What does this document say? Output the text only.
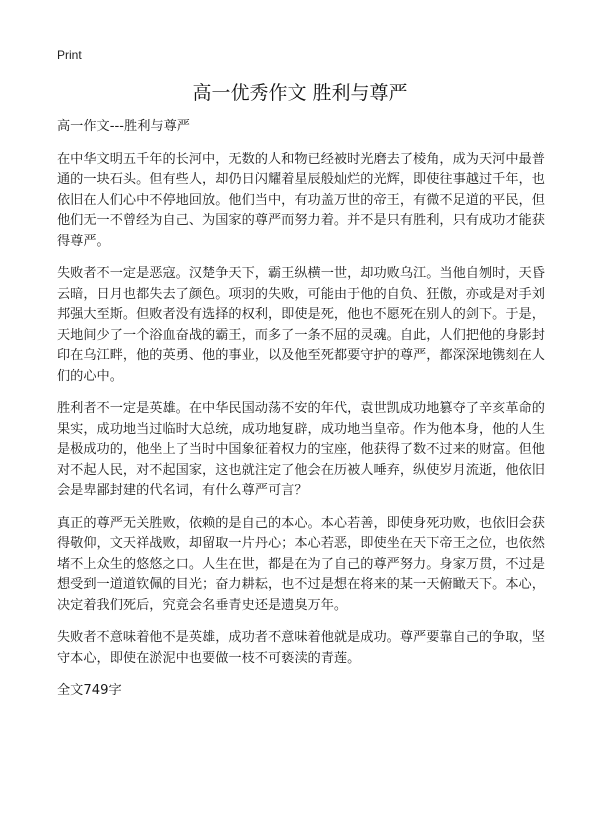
Print
高一优秀作文 胜利与尊严

高一作文---胜利与尊严

在中华文明五千年的长河中，无数的人和物已经被时光磨去了棱角，成为天河中最普通的一块石头。但有些人，却仍日闪耀着星辰般灿烂的光辉，即使往事越过千年，也依旧在人们心中不停地回放。他们当中，有功盖万世的帝王，有微不足道的平民，但他们无一不曾经为自己、为国家的尊严而努力着。并不是只有胜利，只有成功才能获得尊严。

失败者不一定是恶寇。汉楚争天下，霸王纵横一世，却功败乌江。当他自刎时，天昏云暗，日月也都失去了颜色。项羽的失败，可能由于他的自负、狂傲，亦或是对手刘邦强大至斯。但败者没有选择的权利，即使是死，他也不愿死在别人的剑下。于是，天地间少了一个浴血奋战的霸王，而多了一条不屈的灵魂。自此，人们把他的身影封印在乌江畔，他的英勇、他的事业，以及他至死都要守护的尊严，都深深地镌刻在人们的心中。

胜利者不一定是英雄。在中华民国动荡不安的年代，袁世凯成功地篡夺了辛亥革命的果实，成功地当过临时大总统，成功地复辟，成功地当皇帝。作为他本身，他的人生是极成功的，他坐上了当时中国象征着权力的宝座，他获得了数不过来的财富。但他对不起人民，对不起国家，这也就注定了他会在历被人唾弃，纵使岁月流逝，他依旧会是卑鄙封建的代名词，有什么尊严可言？

真正的尊严无关胜败，依赖的是自己的本心。本心若善，即使身死功败，也依旧会获得敬仰，文天祥战败，却留取一片丹心；本心若恶，即使坐在天下帝王之位，也依然堵不上众生的悠悠之口。人生在世，都是在为了自己的尊严努力。身家万贯，不过是想受到一道道钦佩的目光；奋力耕耘，也不过是想在将来的某一天俯瞰天下。本心，决定着我们死后，究竟会名垂青史还是遗臭万年。

失败者不意味着他不是英雄，成功者不意味着他就是成功。尊严要靠自己的争取，坚守本心，即使在淤泥中也要做一枝不可亵渎的青莲。

全文749字
